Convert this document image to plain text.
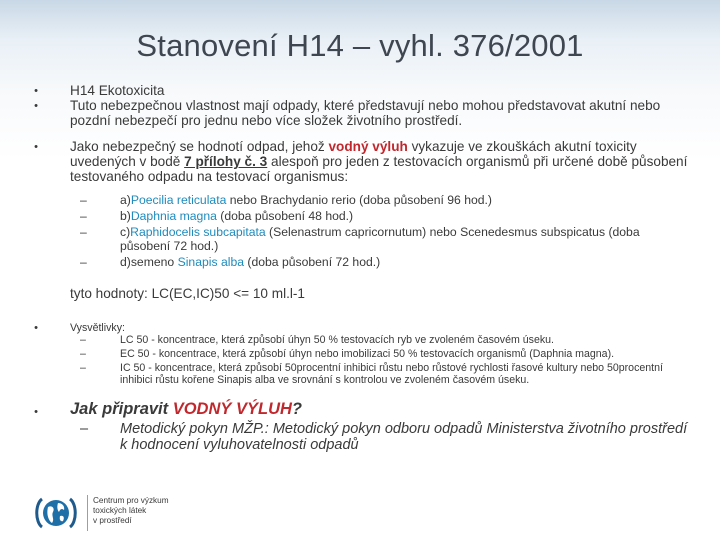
Stanovení H14 – vyhl. 376/2001
• H14 Ekotoxicita
• Tuto nebezpečnou vlastnost mají odpady, které představují nebo mohou představovat akutní nebo pozdní nebezpečí pro jednu nebo více složek životního prostředí.
• Jako nebezpečný se hodnotí odpad, jehož vodný výluh vykazuje ve zkouškách akutní toxicity uvedených v bodě 7 přílohy č. 3 alespoň pro jeden z testovacích organismů při určené době působení testovaného odpadu na testovací organismus:
–	a)Poecilia reticulata nebo Brachydanio rerio (doba působení 96 hod.)
–	b)Daphnia magna (doba působení 48 hod.)
–	c)Raphidocelis subcapitata (Selenastrum capricornutum) nebo Scenedesmus subspicatus (doba působení 72 hod.)
–	d)semeno Sinapis alba (doba působení 72 hod.)
tyto hodnoty: LC(EC,IC)50 <= 10 ml.l-1
•	Vysvětlivky:
–	LC 50 - koncentrace, která způsobí úhyn 50 % testovacích ryb ve zvoleném časovém úseku.
–	EC 50 - koncentrace, která způsobí úhyn nebo imobilizaci 50 % testovacích organismů (Daphnia magna).
–	IC 50 - koncentrace, která způsobí 50procentní inhibici růstu nebo růstové rychlosti řasové kultury nebo 50procentní inhibici růstu kořene Sinapis alba ve srovnání s kontrolou ve zvoleném časovém úseku.
• Jak připravit VODNÝ VÝLUH?
– Metodický pokyn MŽP.: Metodický pokyn odboru odpadů Ministerstva životního prostředí k hodnocení vyluhovatelnosti odpadů
Centrum pro výzkum
toxických látek
v prostředí
